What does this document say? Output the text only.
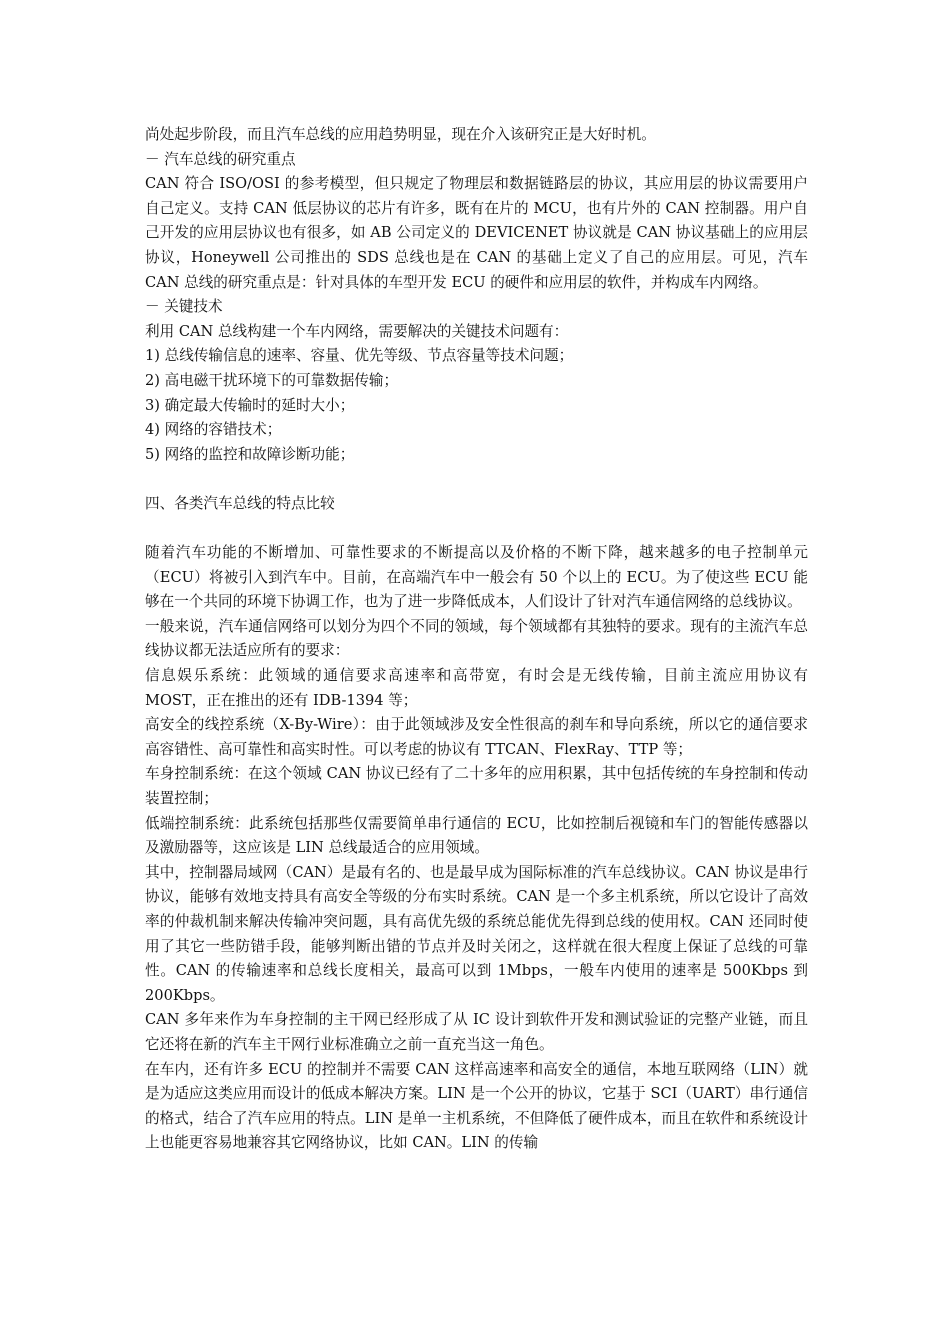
尚处起步阶段，而且汽车总线的应用趋势明显，现在介入该研究正是大好时机。

－ 汽车总线的研究重点

CAN 符合 ISO/OSI 的参考模型，但只规定了物理层和数据链路层的协议，其应用层的协议需要用户自己定义。支持 CAN 低层协议的芯片有许多，既有在片的 MCU，也有片外的 CAN 控制器。用户自己开发的应用层协议也有很多，如 AB 公司定义的 DEVICENET 协议就是 CAN 协议基础上的应用层协议，Honeywell 公司推出的 SDS 总线也是在 CAN 的基础上定义了自己的应用层。可见，汽车 CAN 总线的研究重点是：针对具体的车型开发 ECU 的硬件和应用层的软件，并构成车内网络。

－ 关键技术

利用 CAN 总线构建一个车内网络，需要解决的关键技术问题有：

1) 总线传输信息的速率、容量、优先等级、节点容量等技术问题；

2) 高电磁干扰环境下的可靠数据传输；

3) 确定最大传输时的延时大小；

4) 网络的容错技术；

5) 网络的监控和故障诊断功能；

四、各类汽车总线的特点比较

随着汽车功能的不断增加、可靠性要求的不断提高以及价格的不断下降，越来越多的电子控制单元（ECU）将被引入到汽车中。目前，在高端汽车中一般会有 50 个以上的 ECU。为了使这些 ECU 能够在一个共同的环境下协调工作，也为了进一步降低成本，人们设计了针对汽车通信网络的总线协议。

一般来说，汽车通信网络可以划分为四个不同的领域，每个领域都有其独特的要求。现有的主流汽车总线协议都无法适应所有的要求：

信息娱乐系统：此领域的通信要求高速率和高带宽，有时会是无线传输，目前主流应用协议有 MOST，正在推出的还有 IDB-1394 等；

高安全的线控系统（X-By-Wire）：由于此领域涉及安全性很高的刹车和导向系统，所以它的通信要求高容错性、高可靠性和高实时性。可以考虑的协议有 TTCAN、FlexRay、TTP 等；

车身控制系统：在这个领域 CAN 协议已经有了二十多年的应用积累，其中包括传统的车身控制和传动装置控制；

低端控制系统：此系统包括那些仅需要简单串行通信的 ECU，比如控制后视镜和车门的智能传感器以及激励器等，这应该是 LIN 总线最适合的应用领域。

其中，控制器局域网（CAN）是最有名的、也是最早成为国际标准的汽车总线协议。CAN 协议是串行协议，能够有效地支持具有高安全等级的分布实时系统。CAN 是一个多主机系统，所以它设计了高效率的仲裁机制来解决传输冲突问题，具有高优先级的系统总能优先得到总线的使用权。CAN 还同时使用了其它一些防错手段，能够判断出错的节点并及时关闭之，这样就在很大程度上保证了总线的可靠性。CAN 的传输速率和总线长度相关，最高可以到 1Mbps，一般车内使用的速率是 500Kbps 到 200Kbps。

CAN 多年来作为车身控制的主干网已经形成了从 IC 设计到软件开发和测试验证的完整产业链，而且它还将在新的汽车主干网行业标准确立之前一直充当这一角色。

在车内，还有许多 ECU 的控制并不需要 CAN 这样高速率和高安全的通信，本地互联网络（LIN）就是为适应这类应用而设计的低成本解决方案。LIN 是一个公开的协议，它基于 SCI（UART）串行通信的格式，结合了汽车应用的特点。LIN 是单一主机系统，不但降低了硬件成本，而且在软件和系统设计上也能更容易地兼容其它网络协议，比如 CAN。LIN 的传输
